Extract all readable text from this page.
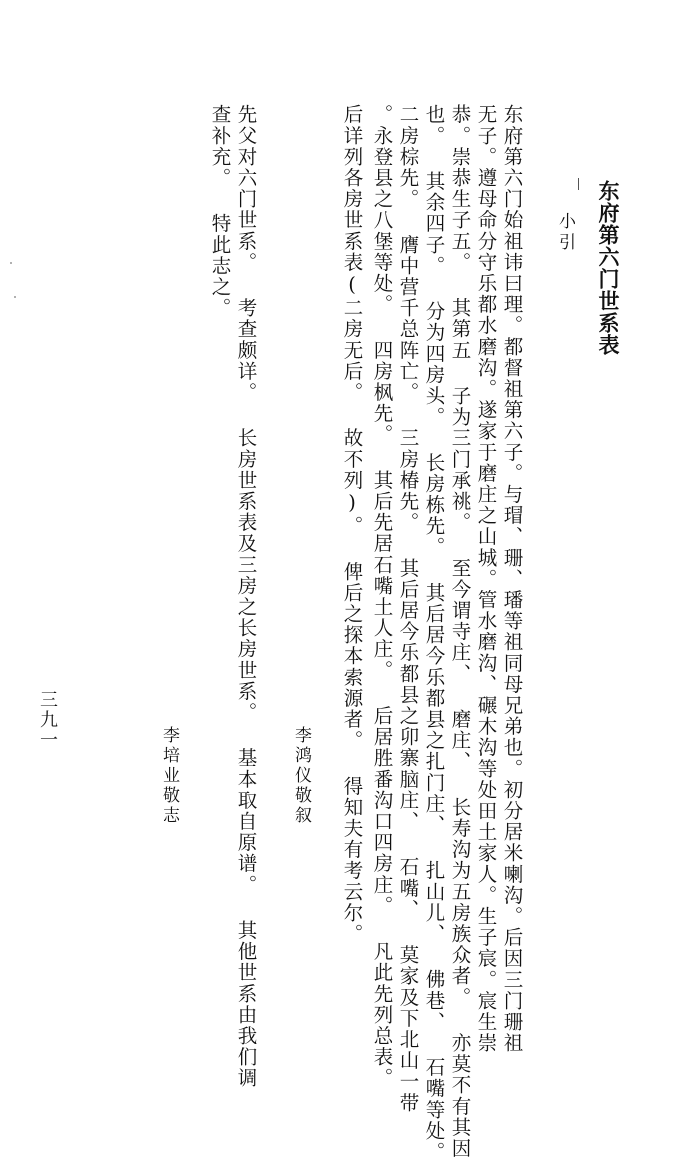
东府第六门世系表
小引
东府第六门始祖讳曰理。都督祖第六子。与瑁、珊、璠等祖同母兄弟也。初分居米喇沟。后因三门珊祖
无子。遵母命分守乐都水磨沟。遂家于磨庄之山城。管水磨沟、碾木沟等处田土家人。生子宸。宸生崇
恭。崇恭生子五。 其第五 子为三门承祧。 至今谓寺庄、 磨庄、 长寿沟为五房族众者。 亦莫不有其因
也。 其余四子。 分为四房头。 长房栋先。 其后居今乐都县之扎门庄、 扎山儿、 佛巷、 石嘴等处。
二房棕先。 膺中营千总阵亡。 三房椿先。 其后居今乐都县之卯寨脑庄、 石嘴、 莫家及下北山一带
。永登县之八堡等处。 四房枫先。 其后先居石嘴土人庄。 后居胜番沟口四房庄。 凡此先列总表。
后详列各房世系表(二房无后。 故不列)。 俾后之探本索源者。 得知夫有考云尔。
李鸿仪敬叙
先父对六门世系。 考查颇详。 长房世系表及三房之长房世系。 基本取自原谱。 其他世系由我们调
查补充。 特此志之。
李培业敬志
三九一
